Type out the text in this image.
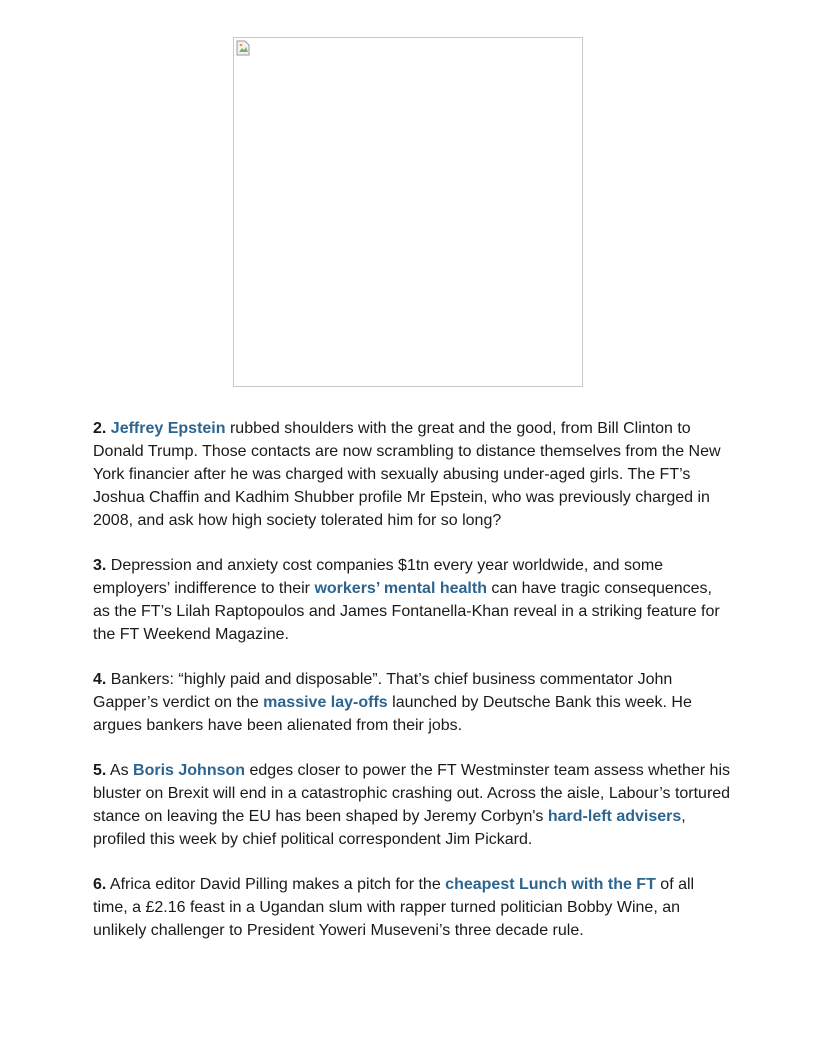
2. Jeffrey Epstein rubbed shoulders with the great and the good, from Bill Clinton to Donald Trump. Those contacts are now scrambling to distance themselves from the New York financier after he was charged with sexually abusing under-aged girls. The FT’s Joshua Chaffin and Kadhim Shubber profile Mr Epstein, who was previously charged in 2008, and ask how high society tolerated him for so long?

3. Depression and anxiety cost companies $1tn every year worldwide, and some employers’ indifference to their workers’ mental health can have tragic consequences, as the FT’s Lilah Raptopoulos and James Fontanella-Khan reveal in a striking feature for the FT Weekend Magazine.

4. Bankers: “highly paid and disposable”. That’s chief business commentator John Gapper’s verdict on the massive lay-offs launched by Deutsche Bank this week. He argues bankers have been alienated from their jobs.

5. As Boris Johnson edges closer to power the FT Westminster team assess whether his bluster on Brexit will end in a catastrophic crashing out. Across the aisle, Labour’s tortured stance on leaving the EU has been shaped by Jeremy Corbyn's hard-left advisers, profiled this week by chief political correspondent Jim Pickard.

6. Africa editor David Pilling makes a pitch for the cheapest Lunch with the FT of all time, a £2.16 feast in a Ugandan slum with rapper turned politician Bobby Wine, an unlikely challenger to President Yoweri Museveni’s three decade rule.
